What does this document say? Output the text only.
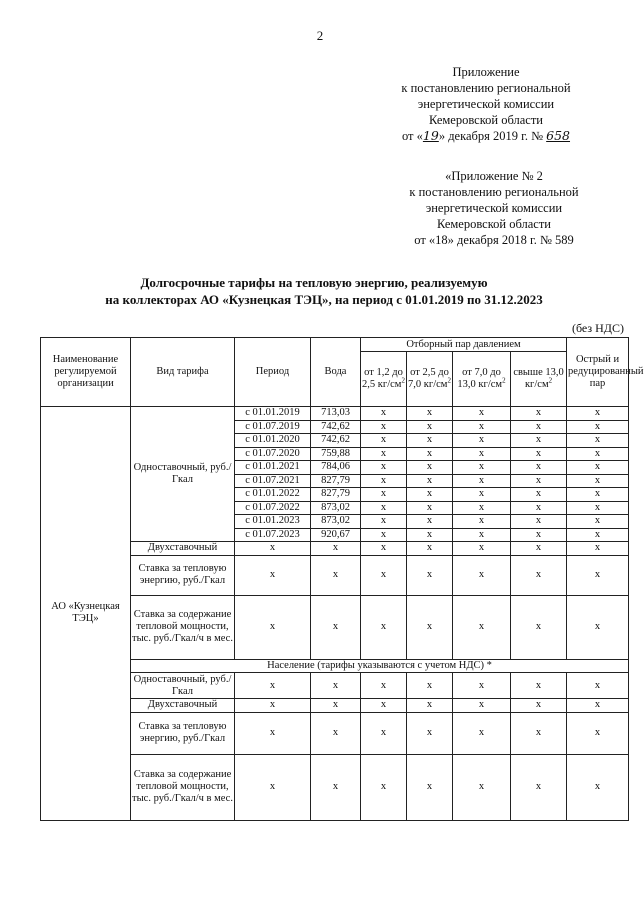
2
Приложение
к постановлению региональной
энергетической комиссии
Кемеровской области
от «19» декабря 2019 г. № 658
«Приложение № 2
к постановлению региональной
энергетической комиссии
Кемеровской области
от «18» декабря 2018 г. № 589
Долгосрочные тарифы на тепловую энергию, реализуемую
на коллекторах АО «Кузнецкая ТЭЦ», на период с 01.01.2019 по 31.12.2023
(без НДС)
Наименование регулируемой организации	Вид тарифа	Период	Вода	Отборный пар давлением				Острый и редуцированный пар
				от 1,2 до 2,5 $кг/см^2$	от 2,5 до 7,0 $кг/см^2$	от 7,0 до 13,0 $кг/см^2$	свыше 13,0 $кг/см^2$
АО «Кузнецкая ТЭЦ»	Одноставочный, руб./Гкал	с 01.01.2019	713,03	х	х	х	х	х
		с 01.07.2019	742,62	х	х	х	х	х
		с 01.01.2020	742,62	х	х	х	х	х
		с 01.07.2020	759,88	х	х	х	х	х
		с 01.01.2021	784,06	х	х	х	х	х
		с 01.07.2021	827,79	х	х	х	х	х
		с 01.01.2022	827,79	х	х	х	х	х
		с 01.07.2022	873,02	х	х	х	х	х
		с 01.01.2023	873,02	х	х	х	х	х
		с 01.07.2023	920,67	х	х	х	х	х
	Двухставочный	х	х	х	х	х	х	х
	Ставка за тепловую энергию, руб./Гкал	х	х	х	х	х	х	х
	Ставка за содержание тепловой мощности, тыс. руб./Гкал/ч в мес.	х	х	х	х	х	х	х
	Население (тарифы указываются с учетом НДС) *							
	Одноставочный, руб./Гкал	х	х	х	х	х	х	х
	Двухставочный	х	х	х	х	х	х	х
	Ставка за тепловую энергию, руб./Гкал	х	х	х	х	х	х	х
	Ставка за содержание тепловой мощности, тыс. руб./Гкал/ч в мес.	х	х	х	х	х	х	х
